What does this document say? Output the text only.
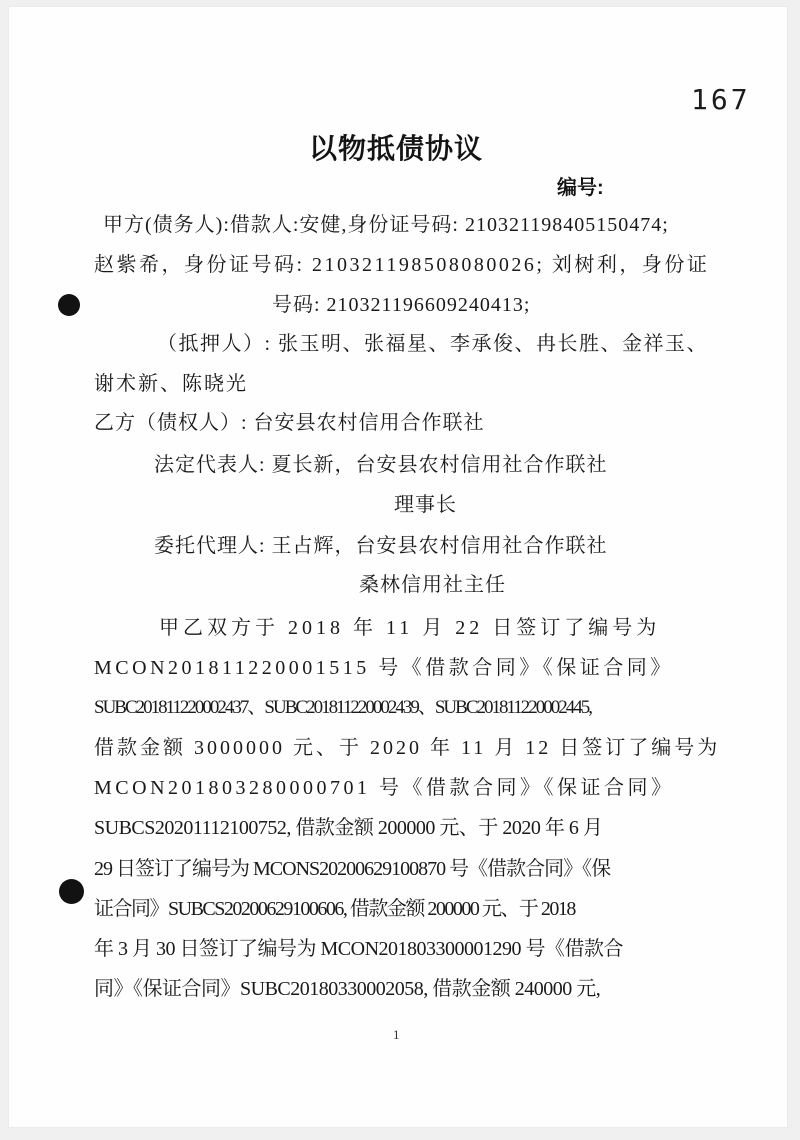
167
以物抵债协议
编号:
甲方(债务人):借款人:安健,身份证号码: 210321198405150474;
赵紫希，身份证号码: 210321198508080026; 刘树利，身份证
号码: 210321196609240413;
（抵押人）: 张玉明、张福星、李承俊、冉长胜、金祥玉、
谢术新、陈晓光
乙方（债权人）: 台安县农村信用合作联社
法定代表人: 夏长新，台安县农村信用社合作联社
理事长
委托代理人: 王占辉，台安县农村信用社合作联社
桑林信用社主任
甲乙双方于 2018 年 11 月 22 日签订了编号为
MCON201811220001515 号《借款合同》《保证合同》
SUBC201811220002437、SUBC201811220002439、SUBC201811220002445,
借款金额 3000000 元、于 2020 年 11 月 12 日签订了编号为
MCON201803280000701 号《借款合同》《保证合同》
SUBCS20201112100752, 借款金额 200000 元、于 2020 年 6 月
29 日签订了编号为 MCONS20200629100870 号《借款合同》《保
证合同》SUBCS20200629100606, 借款金额 200000 元、于 2018
年 3 月 30 日签订了编号为 MCON201803300001290 号《借款合
同》《保证合同》SUBC20180330002058, 借款金额 240000 元,
1
